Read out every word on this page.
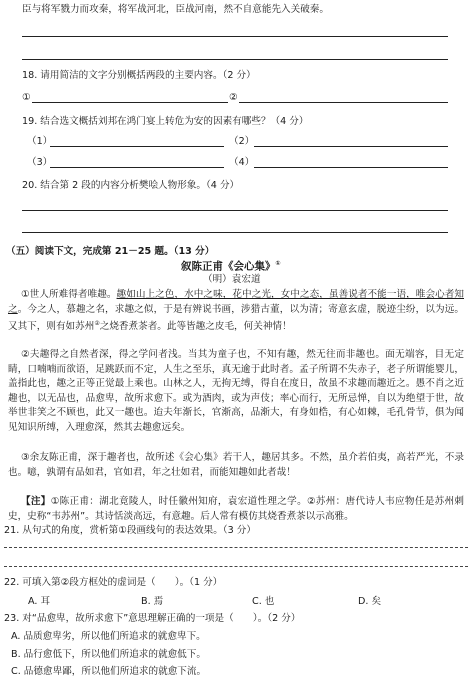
臣与将军戮力而攻秦，将军战河北，臣战河南，然不自意能先入关破秦。
18. 请用简洁的文字分别概括两段的主要内容。（2 分）
①	②
19. 结合选文概括刘邦在鸿门宴上转危为安的因素有哪些？（4 分）
（1）	（2）
（3）	（4）
20. 结合第 2 段的内容分析樊哙人物形象。（4 分）
（五）阅读下文，完成第 21－25 题。（13 分）
叙陈正甫《会心集》①
（明）袁宏道
①世人所难得者唯趣。趣如山上之色，水中之味，花中之光，女中之态，虽善说者不能一语，唯会心者知之。今之人，慕趣之名，求趣之似，于是有辨说书画，涉猎古董，以为清；寄意玄虚，脱迹尘纷，以为远。又其下，则有如苏州②之烧香煮茶者。此等皆趣之皮毛，何关神情！
②夫趣得之自然者深，得之学问者浅。当其为童子也，不知有趣，然无往而非趣也。面无端容，目无定睛，口喃喃而欲语，足跳跃而不定，人生之至乐，真无逾于此时者。孟子所谓不失赤子，老子所谓能婴儿，盖指此也，趣之正等正觉最上乘也。山林之人，无拘无缚，得自在度日，故虽不求趣而趣近之。愚不肖之近趣也，以无品也，品愈卑，故所求愈下。或为酒肉，或为声伎；率心而行，无所忌惮，自以为绝望于世，故举世非笑之不顾也，此又一趣也。迨夫年渐长，官渐高，品渐大，有身如梏，有心如棘，毛孔骨节，俱为闻见知识所缚，入理愈深，然其去趣愈远矣。
③余友陈正甫，深于趣者也，故所述《会心集》若干人，趣居其多。不然，虽介若伯夷，高若严光，不录也。噫，孰谓有品如君，官如君，年之壮如君，而能知趣如此者哉！
【注】①陈正甫：湖北竟陵人，时任徽州知府，袁宏道性理之学。②苏州：唐代诗人韦应物任是苏州刺史，史称“韦苏州”。其诗恬淡高远，有意趣。后人常有模仿其烧香煮茶以示高雅。
21. 从句式的角度，赏析第①段画线句的表达效果。（3 分）
22. 可填入第②段方框处的虚词是（　　）。（1 分）
A. 耳	B. 焉	C. 也	D. 矣
23. 对“品愈卑，故所求愈下”意思理解正确的一项是（　　）。（2 分）
A. 品质愈卑劣，所以他们所追求的就愈卑下。
B. 品行愈低下，所以他们所追求的就愈低下。
C. 品德愈卑鄙，所以他们所追求的就愈下流。
